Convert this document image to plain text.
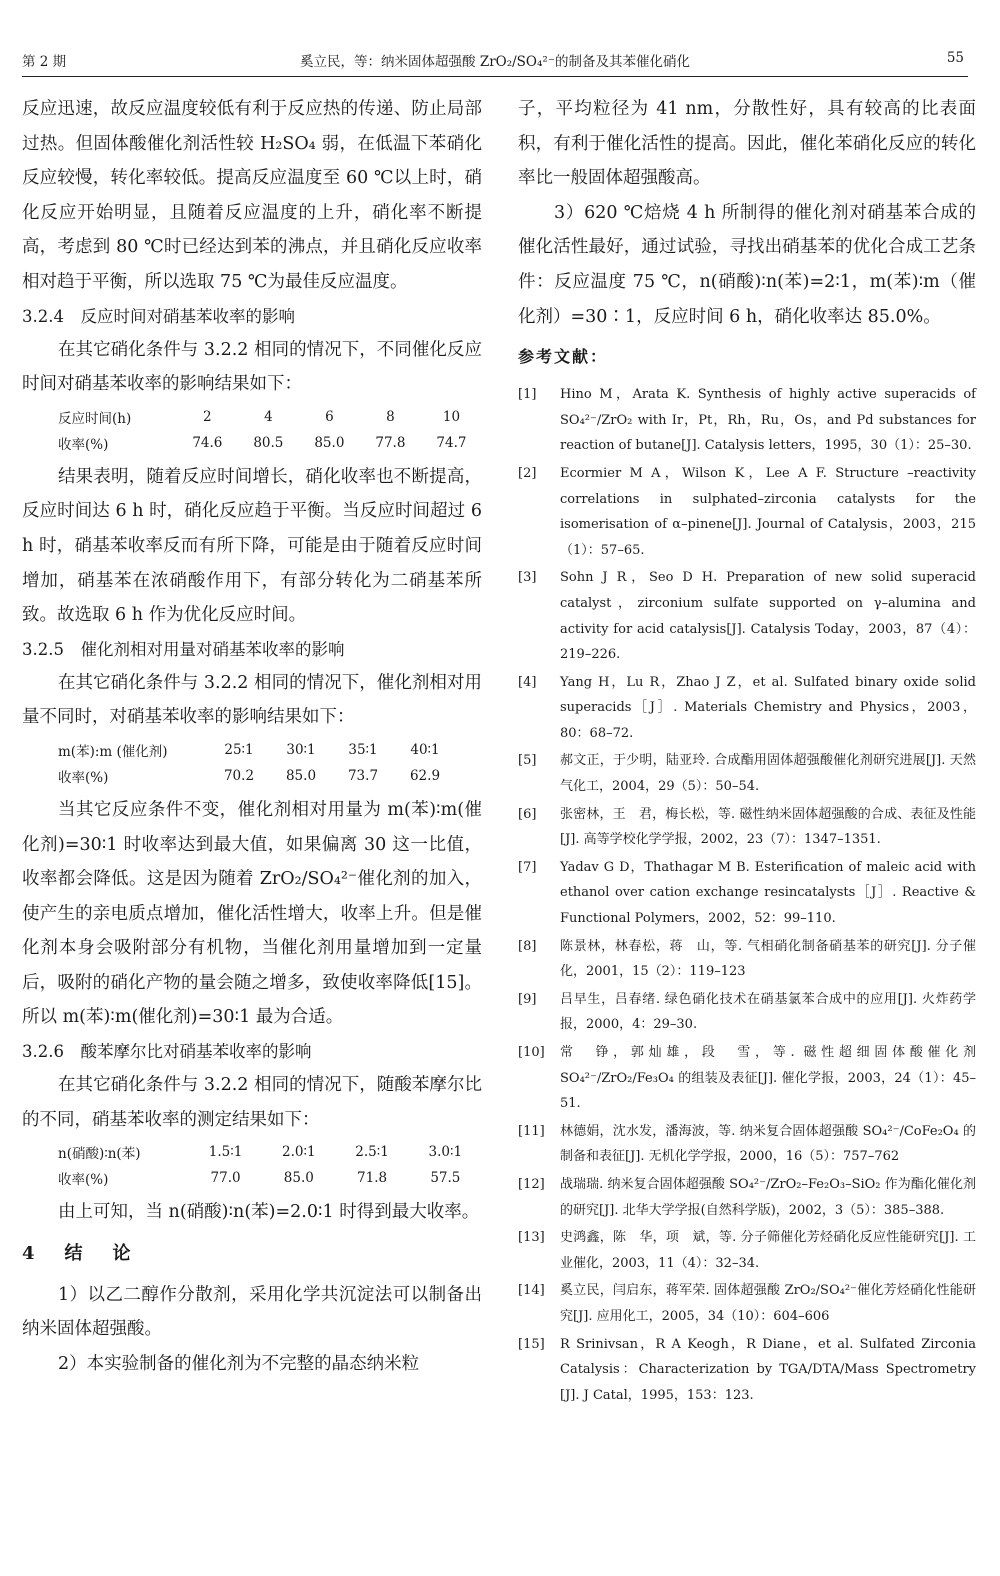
第 2 期	奚立民，等：纳米固体超强酸 ZrO₂/SO₄²⁻的制备及其苯催化硝化	55

反应迅速，故反应温度较低有利于反应热的传递、防止局部过热。但固体酸催化剂活性较 H₂SO₄ 弱，在低温下苯硝化反应较慢，转化率较低。提高反应温度至 60 ℃以上时，硝化反应开始明显，且随着反应温度的上升，硝化率不断提高，考虑到 80 ℃时已经达到苯的沸点，并且硝化反应收率相对趋于平衡，所以选取 75 ℃为最佳反应温度。

3.2.4　反应时间对硝基苯收率的影响

在其它硝化条件与 3.2.2 相同的情况下，不同催化反应时间对硝基苯收率的影响结果如下：

反应时间(h)	2	4	6	8	10
收率(%)	74.6	80.5	85.0	77.8	74.7

结果表明，随着反应时间增长，硝化收率也不断提高，反应时间达 6 h 时，硝化反应趋于平衡。当反应时间超过 6 h 时，硝基苯收率反而有所下降，可能是由于随着反应时间增加，硝基苯在浓硝酸作用下，有部分转化为二硝基苯所致。故选取 6 h 作为优化反应时间。

3.2.5　催化剂相对用量对硝基苯收率的影响

在其它硝化条件与 3.2.2 相同的情况下，催化剂相对用量不同时，对硝基苯收率的影响结果如下：

m(苯):m (催化剂)	25∶1	30∶1	35∶1	40∶1
收率(%)	70.2	85.0	73.7	62.9

当其它反应条件不变，催化剂相对用量为 m(苯)∶m(催化剂)=30∶1 时收率达到最大值，如果偏离 30 这一比值，收率都会降低。这是因为随着 ZrO₂/SO₄²⁻催化剂的加入，使产生的亲电质点增加，催化活性增大，收率上升。但是催化剂本身会吸附部分有机物，当催化剂用量增加到一定量后，吸附的硝化产物的量会随之增多，致使收率降低[15]。所以 m(苯)∶m(催化剂)=30∶1 最为合适。

3.2.6　酸苯摩尔比对硝基苯收率的影响

在其它硝化条件与 3.2.2 相同的情况下，随酸苯摩尔比的不同，硝基苯收率的测定结果如下：

n(硝酸)∶n(苯)	1.5∶1	2.0∶1	2.5∶1	3.0∶1
收率(%)	77.0	85.0	71.8	57.5

由上可知，当 n(硝酸)∶n(苯)=2.0∶1 时得到最大收率。

4　结　论

1）以乙二醇作分散剂，采用化学共沉淀法可以制备出纳米固体超强酸。

2）本实验制备的催化剂为不完整的晶态纳米粒

子，平均粒径为 41 nm，分散性好，具有较高的比表面积，有利于催化活性的提高。因此，催化苯硝化反应的转化率比一般固体超强酸高。

3）620 ℃焙烧 4 h 所制得的催化剂对硝基苯合成的催化活性最好，通过试验，寻找出硝基苯的优化合成工艺条件：反应温度 75 ℃，n(硝酸)∶n(苯)=2∶1，m(苯)∶m（催化剂）=30∶1，反应时间 6 h，硝化收率达 85.0%。

参考文献：
[1]	Hino M，Arata K. Synthesis of highly active superacids of SO₄²⁻/ZrO₂ with Ir，Pt，Rh，Ru，Os，and Pd substances for reaction of butane[J]. Catalysis letters，1995，30（1）：25–30.
[2]	Ecormier M A，Wilson K，Lee A F. Structure –reactivity correlations in sulphated–zirconia catalysts for the isomerisation of α–pinene[J]. Journal of Catalysis，2003，215（1）：57–65.
[3]	Sohn J R，Seo D H. Preparation of new solid superacid catalyst，zirconium sulfate supported on γ–alumina and activity for acid catalysis[J]. Catalysis Today，2003，87（4）：219–226.
[4]	Yang H，Lu R，Zhao J Z，et al. Sulfated binary oxide solid superacids［J］. Materials Chemistry and Physics，2003，80：68–72.
[5]	郝文正，于少明，陆亚玲. 合成酯用固体超强酸催化剂研究进展[J]. 天然气化工，2004，29（5）：50–54.
[6]	张密林，王　君，梅长松，等. 磁性纳米固体超强酸的合成、表征及性能[J]. 高等学校化学学报，2002，23（7）：1347–1351.
[7]	Yadav G D，Thathagar M B. Esterification of maleic acid with ethanol over cation exchange resincatalysts［J］. Reactive & Functional Polymers，2002，52：99–110.
[8]	陈景林，林春松，蒋　山，等. 气相硝化制备硝基苯的研究[J]. 分子催化，2001，15（2）：119–123
[9]	吕早生，吕春绪. 绿色硝化技术在硝基氯苯合成中的应用[J]. 火炸药学报，2000，4：29–30.
[10]	常　铮，郭灿雄，段　雪，等. 磁性超细固体酸催化剂 SO₄²⁻/ZrO₂/Fe₃O₄ 的组装及表征[J]. 催化学报，2003，24（1）：45–51.
[11]	林德娟，沈水发，潘海波，等. 纳米复合固体超强酸 SO₄²⁻/CoFe₂O₄ 的制备和表征[J]. 无机化学学报，2000，16（5）：757–762
[12]	战瑞瑞. 纳米复合固体超强酸 SO₄²⁻/ZrO₂–Fe₂O₃–SiO₂ 作为酯化催化剂的研究[J]. 北华大学学报(自然科学版)，2002，3（5）：385–388.
[13]	史鸿鑫，陈　华，项　斌，等. 分子筛催化芳烃硝化反应性能研究[J]. 工业催化，2003，11（4）：32–34.
[14]	奚立民，闫启东，蒋军荣. 固体超强酸 ZrO₂/SO₄²⁻催化芳烃硝化性能研究[J]. 应用化工，2005，34（10）：604–606
[15]	R Srinivsan，R A Keogh，R Diane，et al. Sulfated Zirconia Catalysis：Characterization by TGA/DTA/Mass Spectrometry [J]. J Catal，1995，153：123.
